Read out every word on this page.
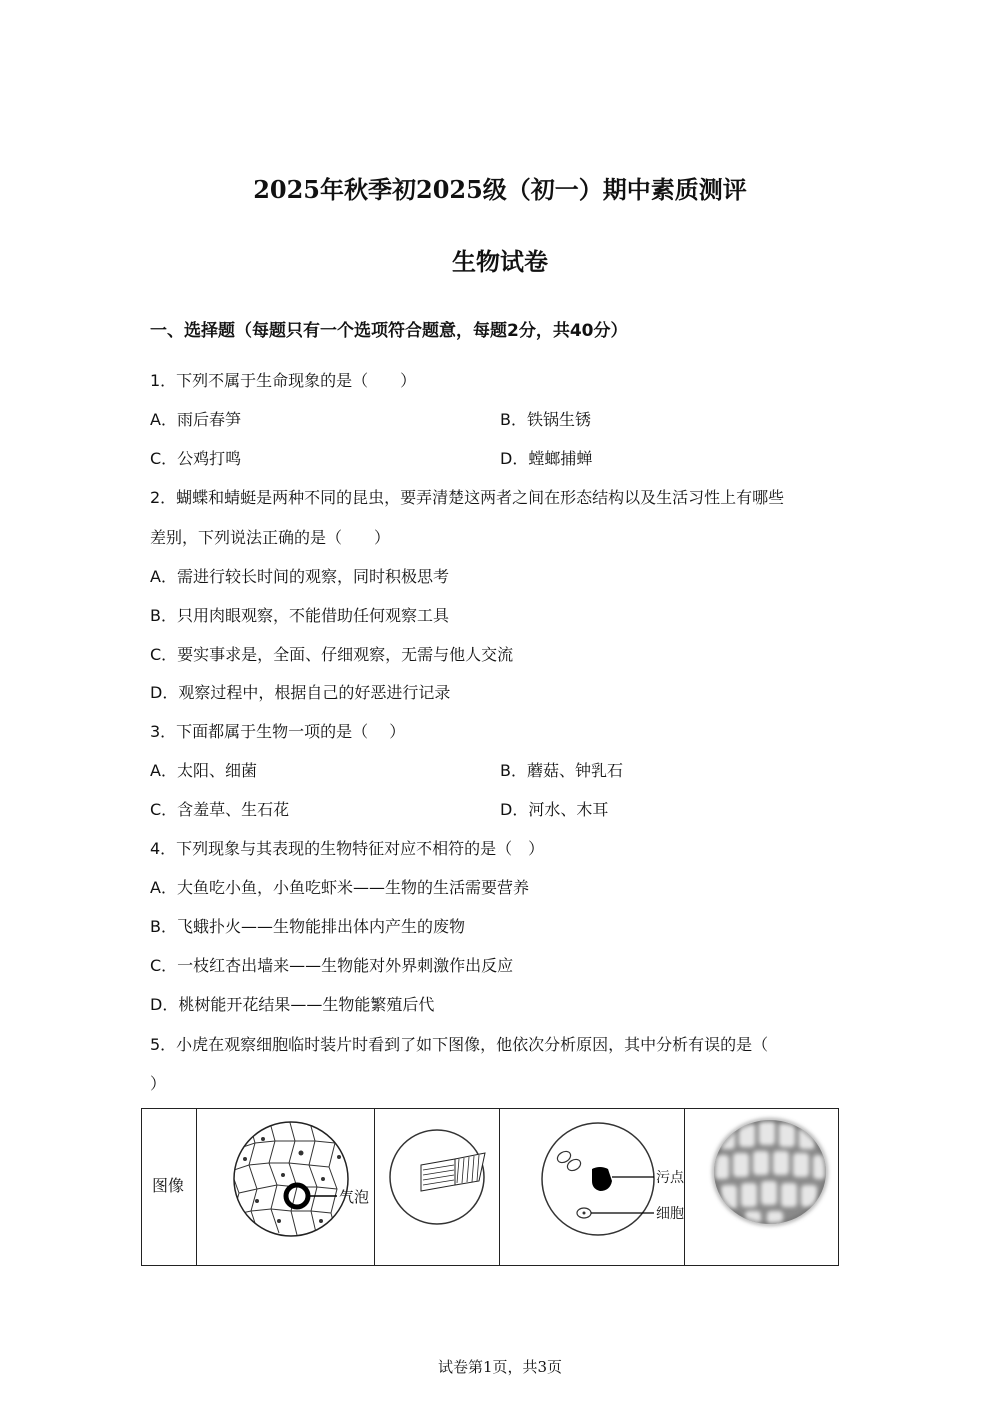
2025年秋季初2025级（初一）期中素质测评
生物试卷
一、选择题（每题只有一个选项符合题意，每题2分，共40分）
1．下列不属于生命现象的是（　　）
A．雨后春笋	B．铁锅生锈
C．公鸡打鸣	D．螳螂捕蝉
2．蝴蝶和蜻蜓是两种不同的昆虫，要弄清楚这两者之间在形态结构以及生活习性上有哪些
差别，下列说法正确的是（　　）
A．需进行较长时间的观察，同时积极思考
B．只用肉眼观察，不能借助任何观察工具
C．要实事求是，全面、仔细观察，无需与他人交流
D．观察过程中，根据自己的好恶进行记录
3．下面都属于生物一项的是（　 ）
A．太阳、细菌	B．蘑菇、钟乳石
C．含羞草、生石花	D．河水、木耳
4．下列现象与其表现的生物特征对应不相符的是（　）
A．大鱼吃小鱼，小鱼吃虾米——生物的生活需要营养
B．飞蛾扑火——生物能排出体内产生的废物
C．一枝红杏出墙来——生物能对外界刺激作出反应
D．桃树能开花结果——生物能繁殖后代
5．小虎在观察细胞临时装片时看到了如下图像，他依次分析原因，其中分析有误的是（
）
图像
气泡
污点
细胞
试卷第1页，共3页
